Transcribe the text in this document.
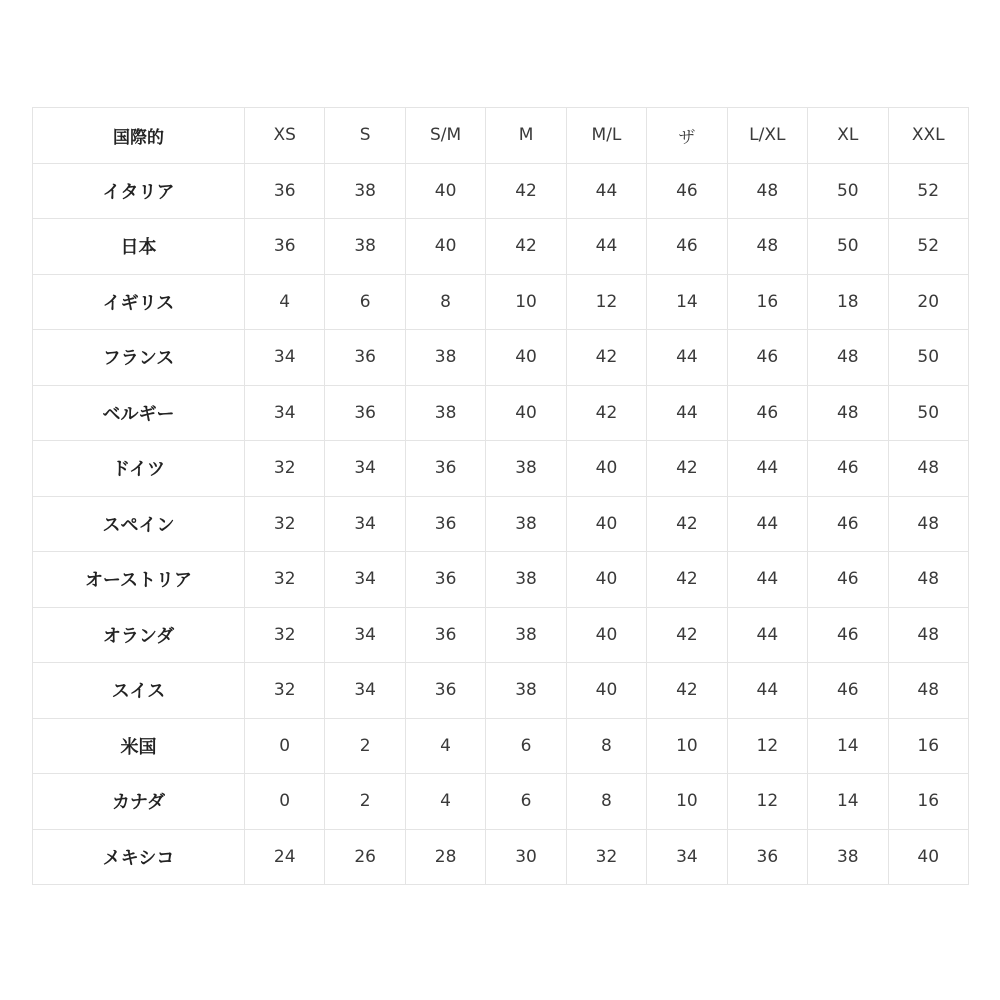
国際的	XS	S	S/M	M	M/L	ザ	L/XL	XL	XXL
イタリア	36	38	40	42	44	46	48	50	52
日本	36	38	40	42	44	46	48	50	52
イギリス	4	6	8	10	12	14	16	18	20
フランス	34	36	38	40	42	44	46	48	50
ベルギー	34	36	38	40	42	44	46	48	50
ドイツ	32	34	36	38	40	42	44	46	48
スペイン	32	34	36	38	40	42	44	46	48
オーストリア	32	34	36	38	40	42	44	46	48
オランダ	32	34	36	38	40	42	44	46	48
スイス	32	34	36	38	40	42	44	46	48
米国	0	2	4	6	8	10	12	14	16
カナダ	0	2	4	6	8	10	12	14	16
メキシコ	24	26	28	30	32	34	36	38	40
